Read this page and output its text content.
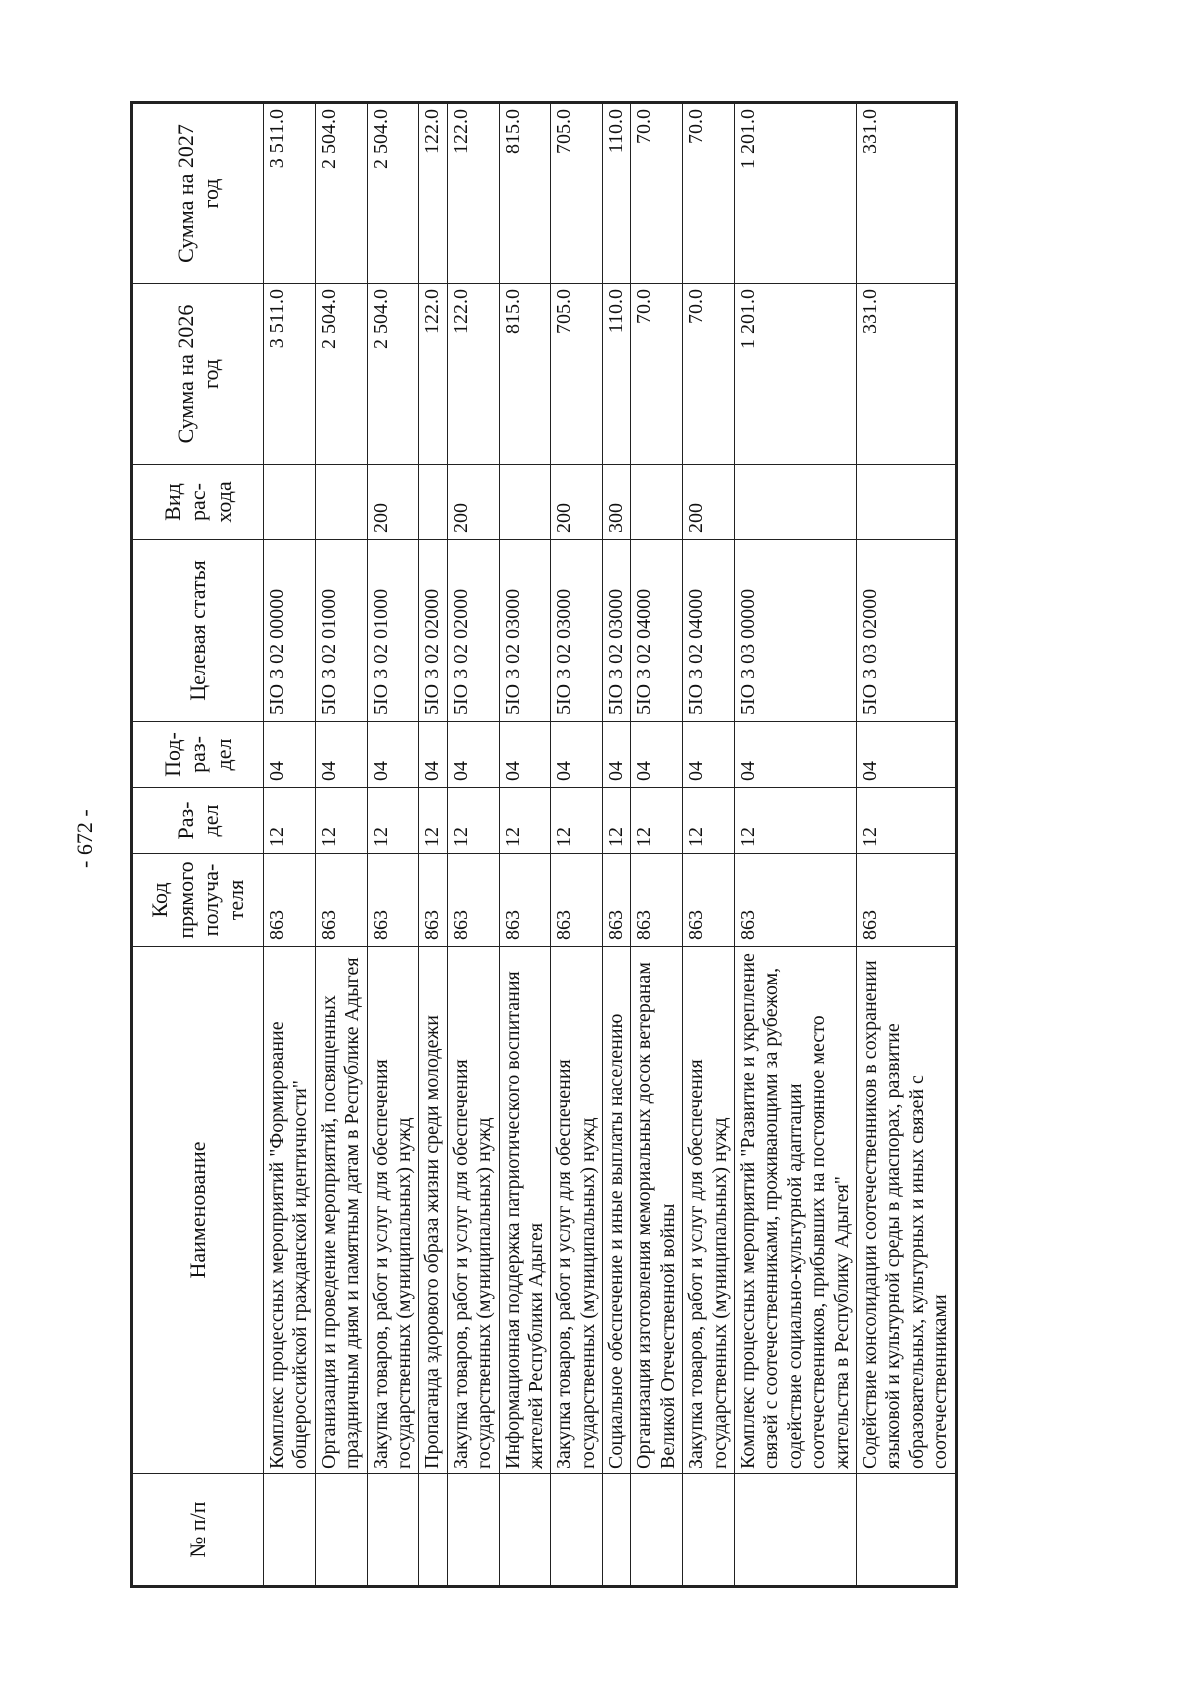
- 672 -
№ п/п	Наименование	Код прямого получа-теля	Раз-дел	Под-раз-дел	Целевая статья	Вид рас-хода	Сумма на 2026 год	Сумма на 2027 год
	Комплекс процессных мероприятий "Формирование общероссийской гражданской идентичности"	863	12	04	5IO 3 02 00000		3 511.0	3 511.0
	Организация и проведение мероприятий, посвященных праздничным дням и памятным датам в Республике Адыгея	863	12	04	5IO 3 02 01000		2 504.0	2 504.0
	Закупка товаров, работ и услуг для обеспечения государственных (муниципальных) нужд	863	12	04	5IO 3 02 01000	200	2 504.0	2 504.0
	Пропаганда здорового образа жизни среди молодежи	863	12	04	5IO 3 02 02000		122.0	122.0
	Закупка товаров, работ и услуг для обеспечения государственных (муниципальных) нужд	863	12	04	5IO 3 02 02000	200	122.0	122.0
	Информационная поддержка патриотического воспитания жителей Республики Адыгея	863	12	04	5IO 3 02 03000		815.0	815.0
	Закупка товаров, работ и услуг для обеспечения государственных (муниципальных) нужд	863	12	04	5IO 3 02 03000	200	705.0	705.0
	Социальное обеспечение и иные выплаты населению	863	12	04	5IO 3 02 03000	300	110.0	110.0
	Организация изготовления мемориальных досок ветеранам Великой Отечественной войны	863	12	04	5IO 3 02 04000		70.0	70.0
	Закупка товаров, работ и услуг для обеспечения государственных (муниципальных) нужд	863	12	04	5IO 3 02 04000	200	70.0	70.0
	Комплекс процессных мероприятий "Развитие и укрепление связей с соотечественниками, проживающими за рубежом, содействие социально-культурной адаптации соотечественников, прибывших на постоянное место жительства в Республику Адыгея"	863	12	04	5IO 3 03 00000		1 201.0	1 201.0
	Содействие консолидации соотечественников в сохранении языковой и культурной среды в диаспорах, развитие образовательных, культурных и иных связей с соотечественниками	863	12	04	5IO 3 03 02000		331.0	331.0
